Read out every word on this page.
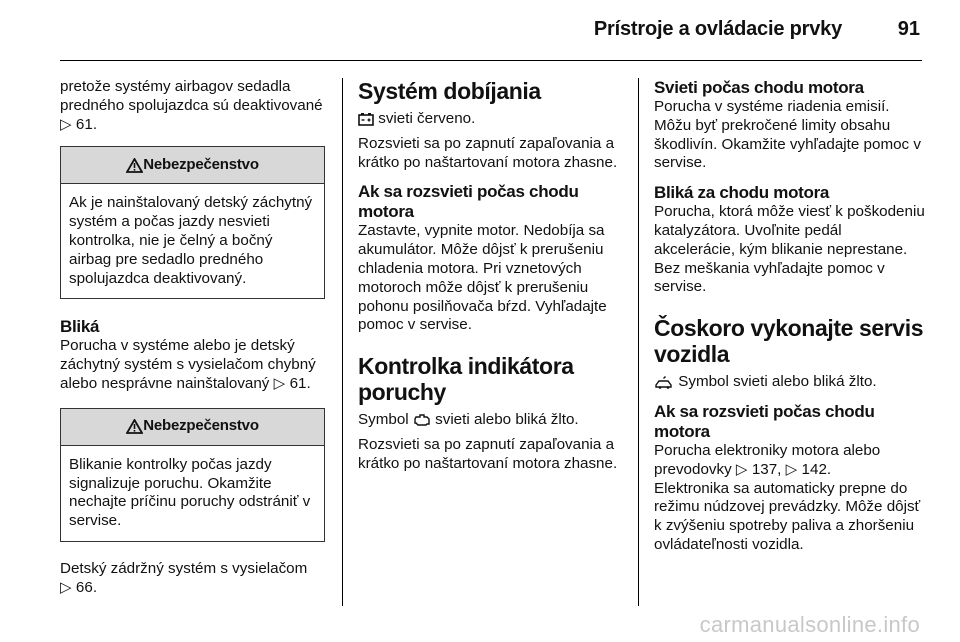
Prístroje a ovládacie prvky	91

pretože systémy airbagov sedadla predného spolujazdca sú deaktivované ▷ 61.

Nebezpečenstvo
Ak je nainštalovaný detský záchytný systém a počas jazdy nesvieti kontrolka, nie je čelný a bočný airbag pre sedadlo predného spolujazdca deaktivovaný.

Bliká

Porucha v systéme alebo je detský záchytný systém s vysielačom chybný alebo nesprávne nainštalovaný ▷ 61.

Nebezpečenstvo
Blikanie kontrolky počas jazdy signalizuje poruchu. Okamžite nechajte príčinu poruchy odstrániť v servise.

Detský zádržný systém s vysielačom
▷ 66.

Systém dobíjania

svieti červeno.

Rozsvieti sa po zapnutí zapaľovania a krátko po naštartovaní motora zhasne.

Ak sa rozsvieti počas chodu motora

Zastavte, vypnite motor. Nedobíja sa akumulátor. Môže dôjsť k prerušeniu chladenia motora. Pri vznetových motoroch môže dôjsť k prerušeniu pohonu posilňovača bŕzd. Vyhľadajte pomoc v servise.

Kontrolka indikátora poruchy

Symbol svieti alebo bliká žlto.

Rozsvieti sa po zapnutí zapaľovania a krátko po naštartovaní motora zhasne.

Svieti počas chodu motora

Porucha v systéme riadenia emisií. Môžu byť prekročené limity obsahu škodlivín. Okamžite vyhľadajte pomoc v servise.

Bliká za chodu motora

Porucha, ktorá môže viesť k poškodeniu katalyzátora. Uvoľnite pedál akcelerácie, kým blikanie neprestane. Bez meškania vyhľadajte pomoc v servise.

Čoskoro vykonajte servis vozidla

Symbol svieti alebo bliká žlto.

Ak sa rozsvieti počas chodu motora

Porucha elektroniky motora alebo prevodovky ▷ 137, ▷ 142.

Elektronika sa automaticky prepne do režimu núdzovej prevádzky. Môže dôjsť k zvýšeniu spotreby paliva a zhoršeniu ovládateľnosti vozidla.

carmanualsonline.info
